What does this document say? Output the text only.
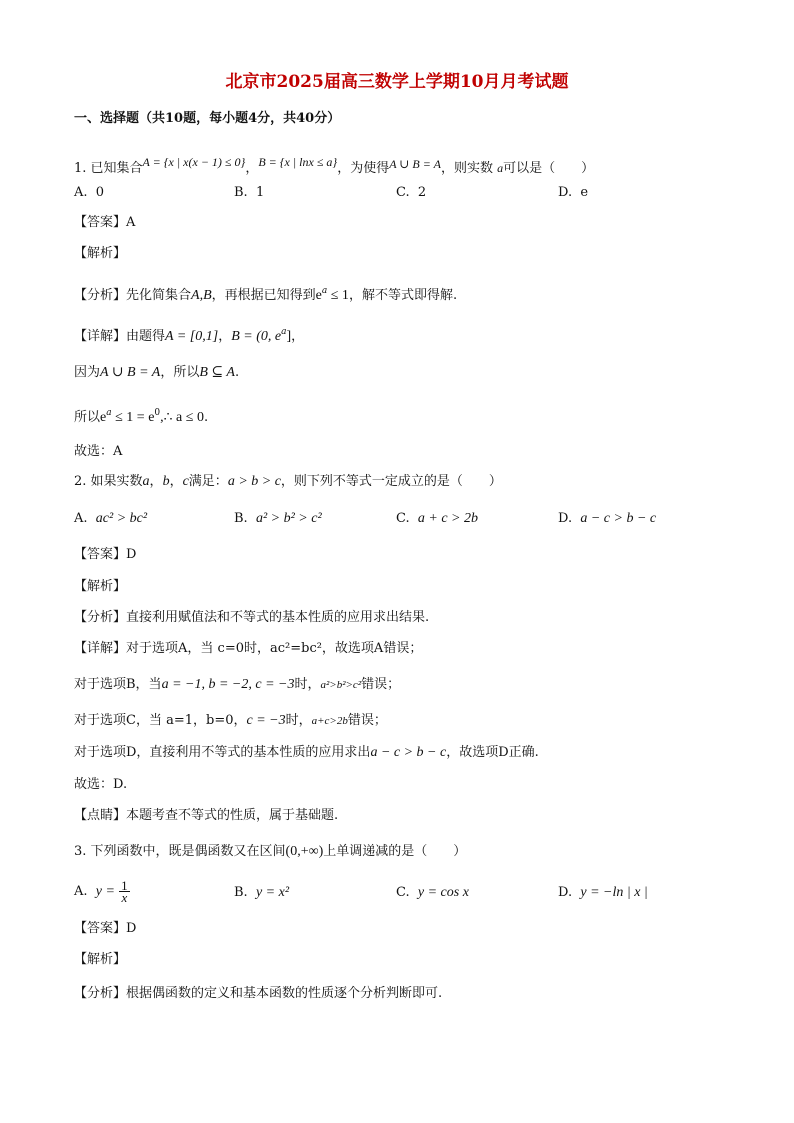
北京市2025届高三数学上学期10月月考试题
一、选择题（共10题，每小题4分，共40分）
1. 已知集合A = {x | x(x − 1) ≤ 0}，B = {x | lnx ≤ a}，为使得A ∪ B = A，则实数 a可以是（　　）
A. 0	B. 1	C. 2	D. e
【答案】A
【解析】
【分析】先化简集合A,B，再根据已知得到$e^a \le 1$，解不等式即得解.
【详解】由题得A = [0,1]，B = (0, $e^a$]，
因为A ∪ B = A，所以B ⊆ A.
所以$e^a \le 1$ = $e^0,\therefore$ a ≤ 0.
故选：A
2. 如果实数a，b，c满足：a > b > c，则下列不等式一定成立的是（　　）
A. ac² > bc²	B. a² > b² > c²	C. a + c > 2b	D. a − c > b − c
【答案】D
【解析】
【分析】直接利用赋值法和不等式的基本性质的应用求出结果.
【详解】对于选项A，当 c=0时，ac²=bc²，故选项A错误；
对于选项B，当a = −1, b = −2, c = −3时，a²>b²>c²错误；
对于选项C，当 a=1，b=0，c = −3时，a+c>2b错误；
对于选项D，直接利用不等式的基本性质的应用求出a − c > b − c，故选项D正确.
故选：D.
【点睛】本题考查不等式的性质，属于基础题.
3. 下列函数中，既是偶函数又在区间(0,+∞)上单调递减的是（　　）
A. $y = \frac{1}{x}$	B. y = x²	C. y = cos x	D. y = −ln | x |
【答案】D
【解析】
【分析】根据偶函数的定义和基本函数的性质逐个分析判断即可.
